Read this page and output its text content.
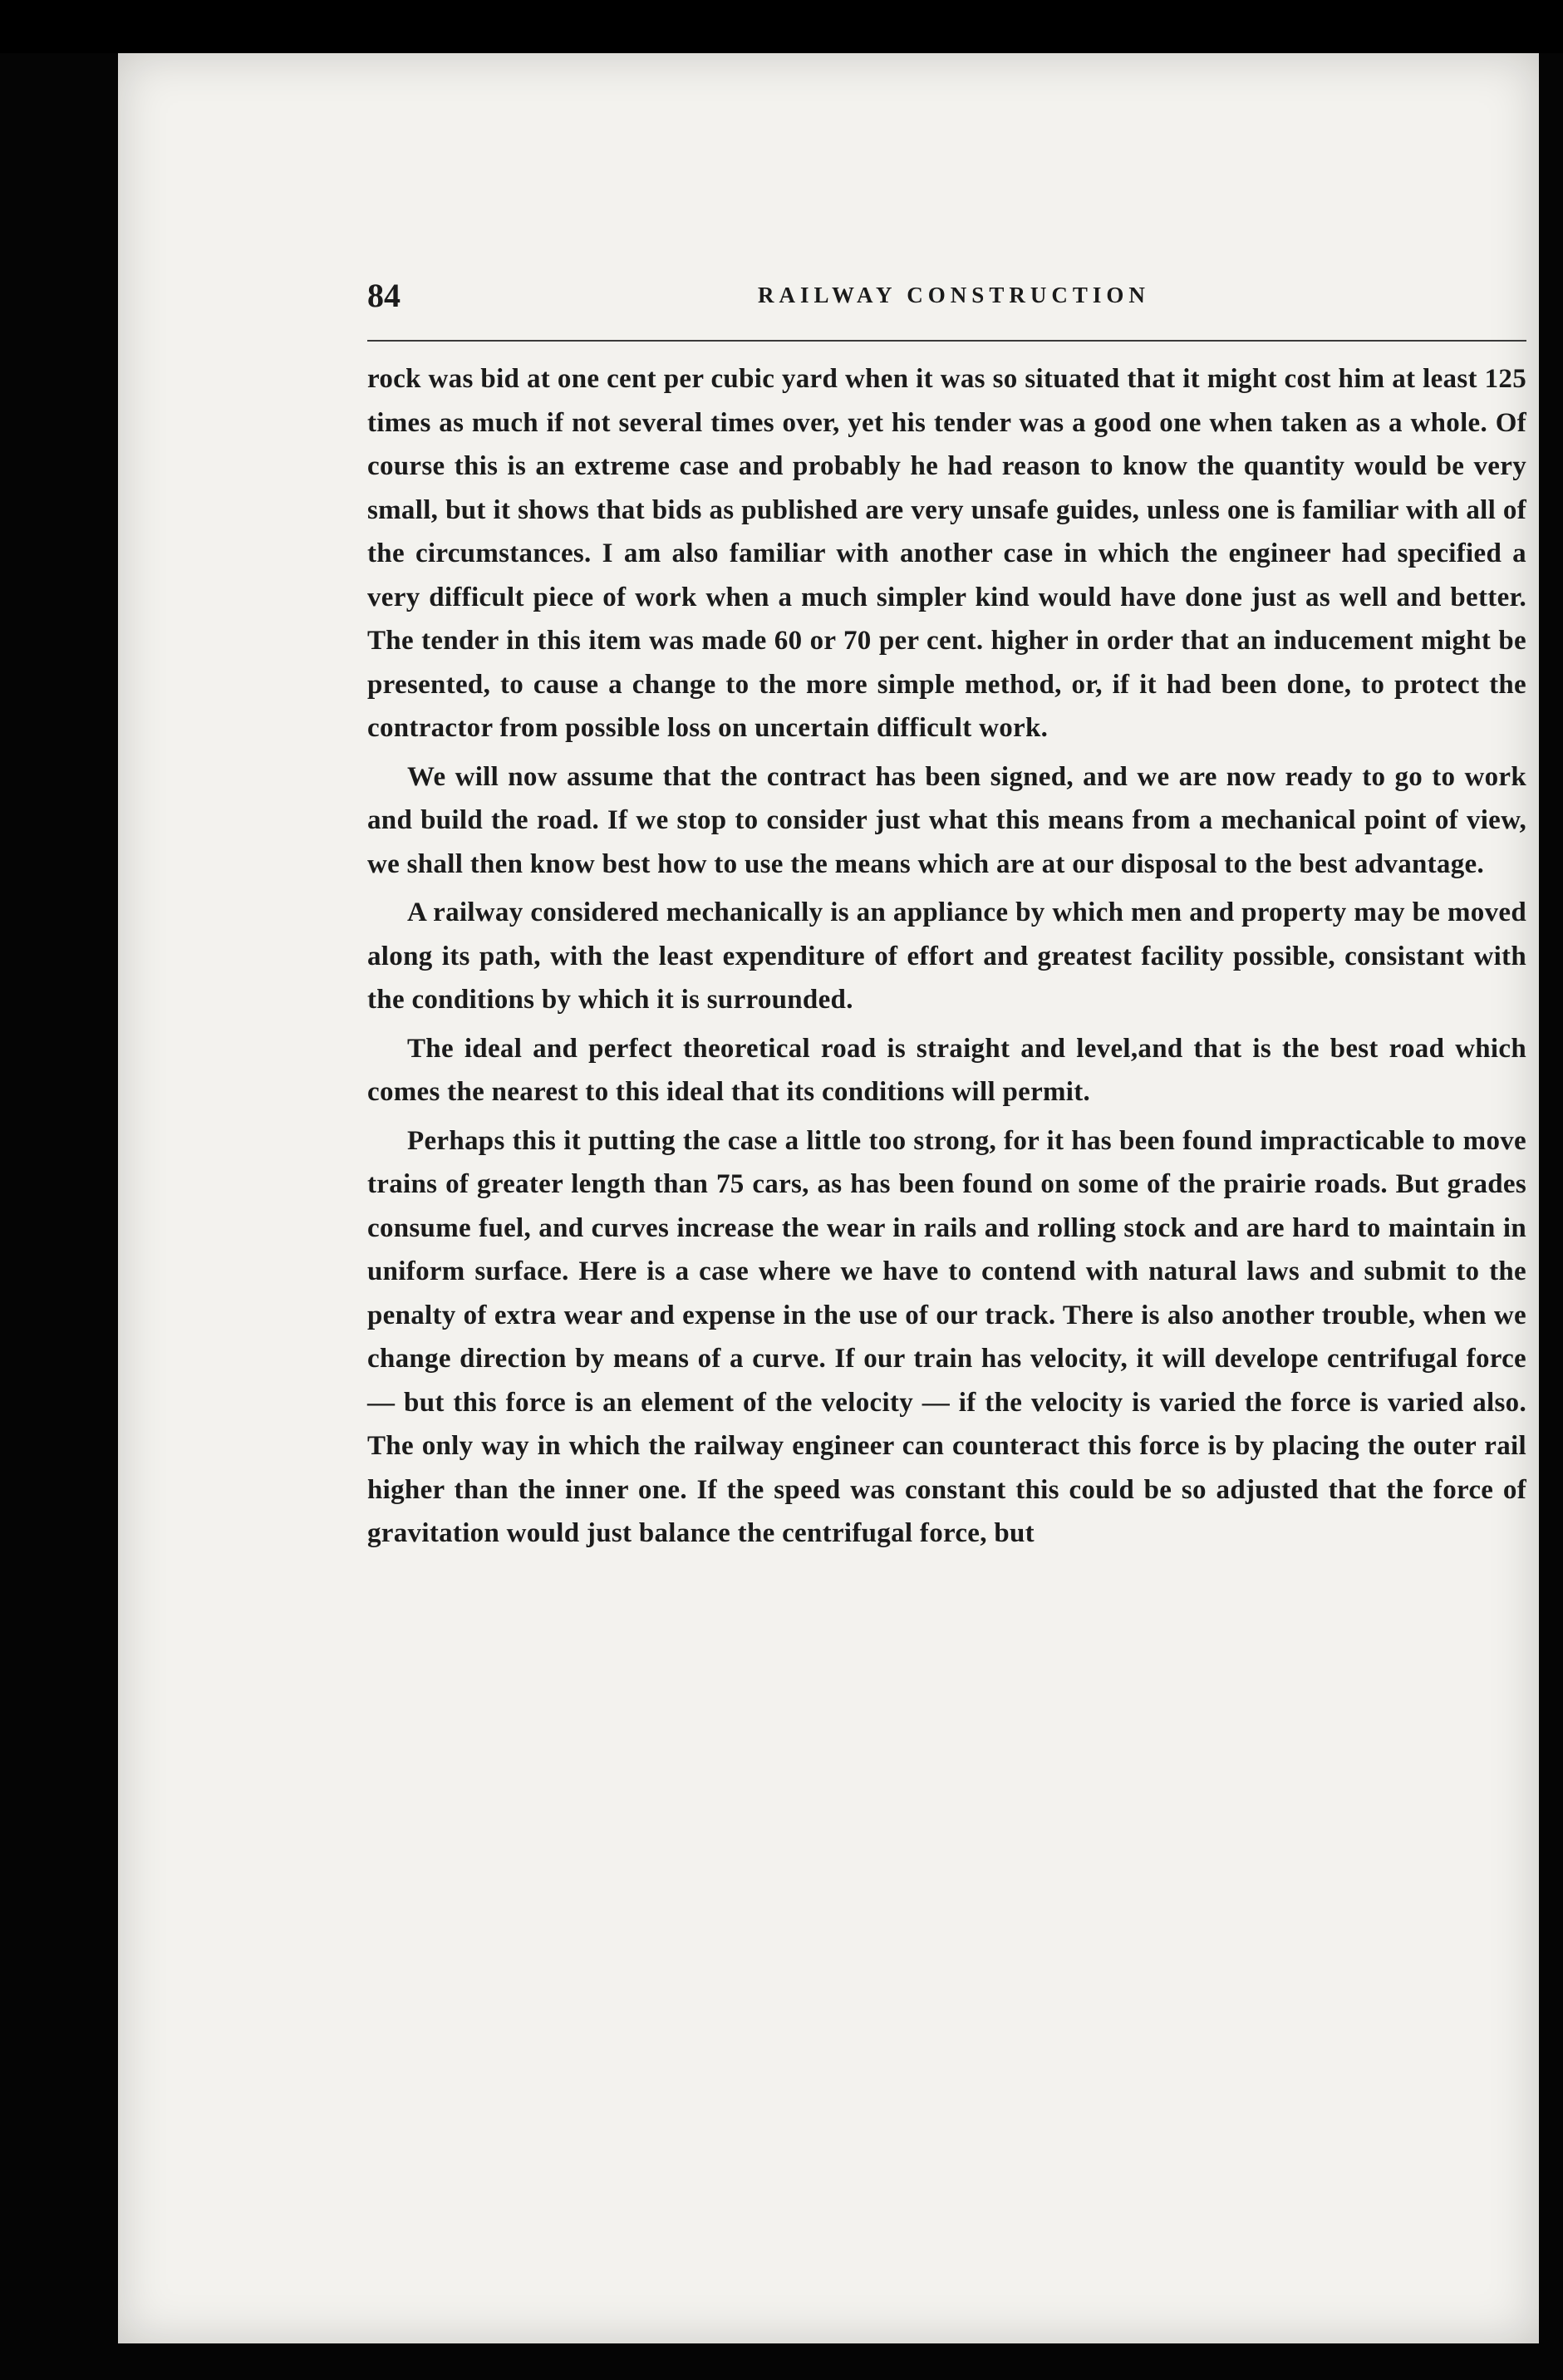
84	RAILWAY CONSTRUCTION

rock was bid at one cent per cubic yard when it was so situated that it might cost him at least 125 times as much if not several times over, yet his tender was a good one when taken as a whole. Of course this is an extreme case and probably he had reason to know the quantity would be very small, but it shows that bids as published are very unsafe guides, unless one is familiar with all of the circumstances. I am also familiar with another case in which the engineer had specified a very difficult piece of work when a much simpler kind would have done just as well and better. The tender in this item was made 60 or 70 per cent. higher in order that an inducement might be presented, to cause a change to the more simple method, or, if it had been done, to protect the contractor from possible loss on uncertain difficult work.

We will now assume that the contract has been signed, and we are now ready to go to work and build the road. If we stop to consider just what this means from a mechanical point of view, we shall then know best how to use the means which are at our disposal to the best advantage.

A railway considered mechanically is an appliance by which men and property may be moved along its path, with the least expenditure of effort and greatest facility possible, consistant with the conditions by which it is surrounded.

The ideal and perfect theoretical road is straight and level,and that is the best road which comes the nearest to this ideal that its conditions will permit.

Perhaps this it putting the case a little too strong, for it has been found impracticable to move trains of greater length than 75 cars, as has been found on some of the prairie roads. But grades consume fuel, and curves increase the wear in rails and rolling stock and are hard to maintain in uniform surface. Here is a case where we have to contend with natural laws and submit to the penalty of extra wear and expense in the use of our track. There is also another trouble, when we change direction by means of a curve. If our train has velocity, it will develope centrifugal force — but this force is an element of the velocity — if the velocity is varied the force is varied also. The only way in which the railway engineer can counteract this force is by placing the outer rail higher than the inner one. If the speed was constant this could be so adjusted that the force of gravitation would just balance the centrifugal force, but
